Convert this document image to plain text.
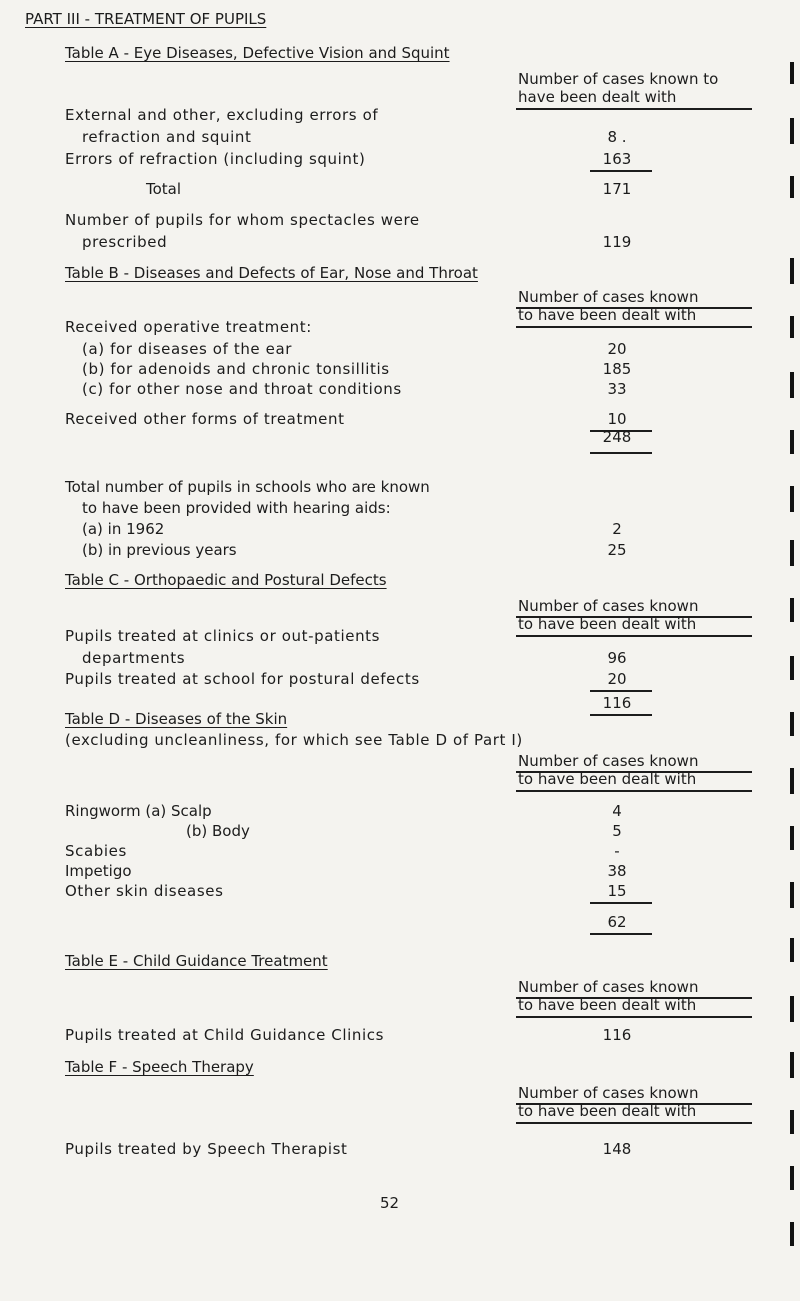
PART III - TREATMENT OF PUPILS
Table A - Eye Diseases, Defective Vision and Squint
Number of cases known to
have been dealt with
External and other, excluding errors of
refraction and squint	8 .
Errors of refraction (including squint)	163
Total	171
Number of pupils for whom spectacles were
prescribed	119
Table B - Diseases and Defects of Ear, Nose and Throat
Number of cases known
to have been dealt with
Received operative treatment:
(a) for diseases of the ear	20
(b) for adenoids and chronic tonsillitis	185
(c) for other nose and throat conditions	33
Received other forms of treatment	10
248
Total number of pupils in schools who are known
to have been provided with hearing aids:
(a) in 1962	2
(b) in previous years	25
Table C - Orthopaedic and Postural Defects
Number of cases known
to have been dealt with
Pupils treated at clinics or out-patients
departments	96
Pupils treated at school for postural defects	20
116
Table D - Diseases of the Skin
(excluding uncleanliness, for which see Table D of Part I)
Number of cases known
to have been dealt with
Ringworm (a) Scalp	4
(b) Body	5
Scabies	-
Impetigo	38
Other skin diseases	15
62
Table E - Child Guidance Treatment
Number of cases known
to have been dealt with
Pupils treated at Child Guidance Clinics	116
Table F - Speech Therapy
Number of cases known
to have been dealt with
Pupils treated by Speech Therapist	148
52
